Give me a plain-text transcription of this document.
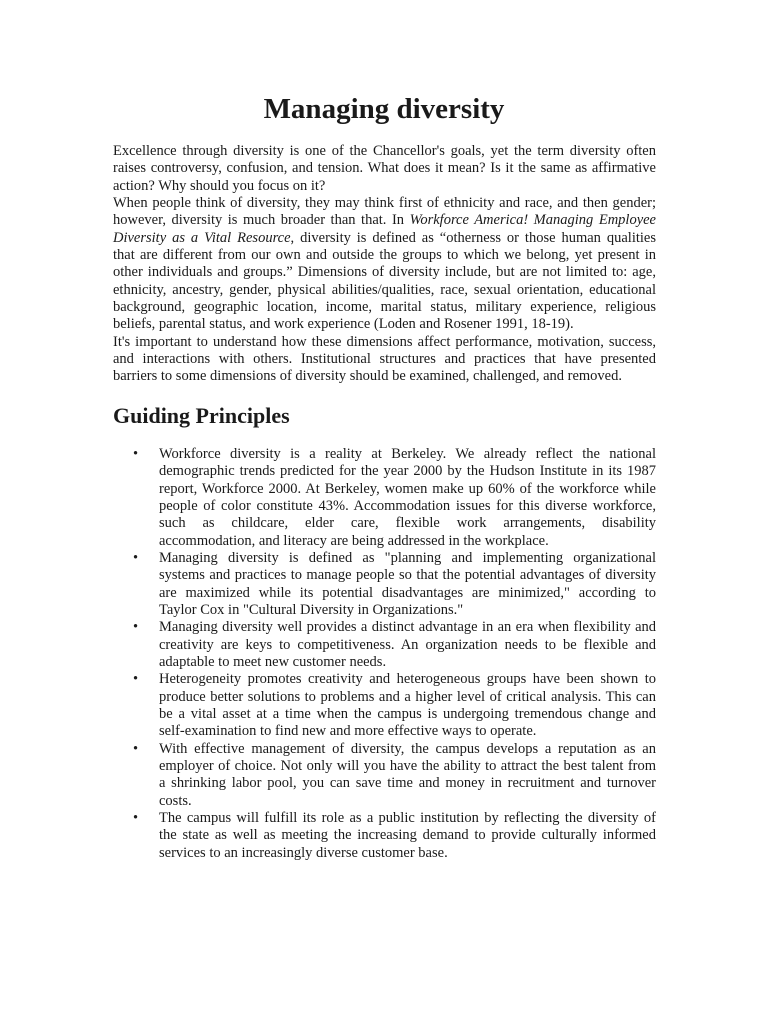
Managing diversity
Excellence through diversity is one of the Chancellor's goals, yet the term diversity often
raises controversy, confusion, and tension. What does it mean? Is it the same as affirmative
action? Why should you focus on it?
When people think of diversity, they may think first of ethnicity and race, and then gender;
however, diversity is much broader than that. In Workforce America! Managing Employee
Diversity as a Vital Resource, diversity is defined as “otherness or those human qualities
that are different from our own and outside the groups to which we belong, yet present in
other individuals and groups.” Dimensions of diversity include, but are not limited to: age,
ethnicity, ancestry, gender, physical abilities/qualities, race, sexual orientation, educational
background, geographic location, income, marital status, military experience, religious
beliefs, parental status, and work experience (Loden and Rosener 1991, 18-19).
It's important to understand how these dimensions affect performance, motivation, success,
and interactions with others. Institutional structures and practices that have presented
barriers to some dimensions of diversity should be examined, challenged, and removed.
Guiding Principles
• Workforce diversity is a reality at Berkeley. We already reflect the national
demographic trends predicted for the year 2000 by the Hudson Institute in its 1987
report, Workforce 2000. At Berkeley, women make up 60% of the workforce while
people of color constitute 43%. Accommodation issues for this diverse workforce,
such as childcare, elder care, flexible work arrangements, disability
accommodation, and literacy are being addressed in the workplace.
• Managing diversity is defined as "planning and implementing organizational
systems and practices to manage people so that the potential advantages of diversity
are maximized while its potential disadvantages are minimized," according to
Taylor Cox in "Cultural Diversity in Organizations."
• Managing diversity well provides a distinct advantage in an era when flexibility and
creativity are keys to competitiveness. An organization needs to be flexible and
adaptable to meet new customer needs.
• Heterogeneity promotes creativity and heterogeneous groups have been shown to
produce better solutions to problems and a higher level of critical analysis. This can
be a vital asset at a time when the campus is undergoing tremendous change and
self-examination to find new and more effective ways to operate.
• With effective management of diversity, the campus develops a reputation as an
employer of choice. Not only will you have the ability to attract the best talent from
a shrinking labor pool, you can save time and money in recruitment and turnover
costs.
• The campus will fulfill its role as a public institution by reflecting the diversity of
the state as well as meeting the increasing demand to provide culturally informed
services to an increasingly diverse customer base.
